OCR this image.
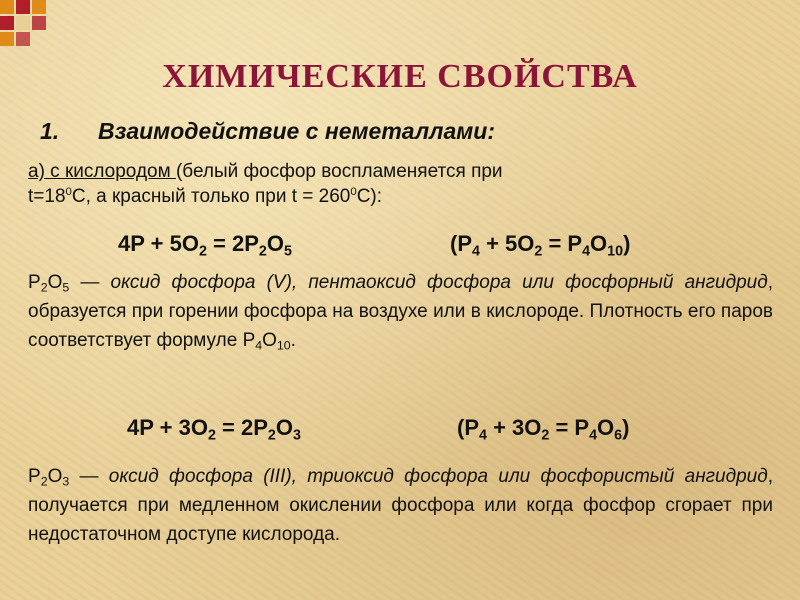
ХИМИЧЕСКИЕ СВОЙСТВА
1. Взаимодействие с неметаллами:
а) с кислородом (белый фосфор воспламеняется при
$t=18^0С$, а красный только при $t = 260^0С$):
$4P + 5O_2 = 2P_2O_5$	$(P_4 + 5O_2 = P_4O_{10})$
$P_2O_5$ — оксид фосфора (V), пентаоксид фосфора или фосфорный ангидрид, образуется при горении фосфора на воздухе или в кислороде. Плотность его паров соответствует формуле $P_4O_{10}$.
$4P + 3O_2 = 2P_2O_3$	$(P_4 + 3O_2 = P_4O_6)$
$P_2O_3$ — оксид фосфора (III), триоксид фосфора или фосфористый ангидрид, получается при медленном окислении фосфора или когда фосфор сгорает при недостаточном доступе кислорода.
